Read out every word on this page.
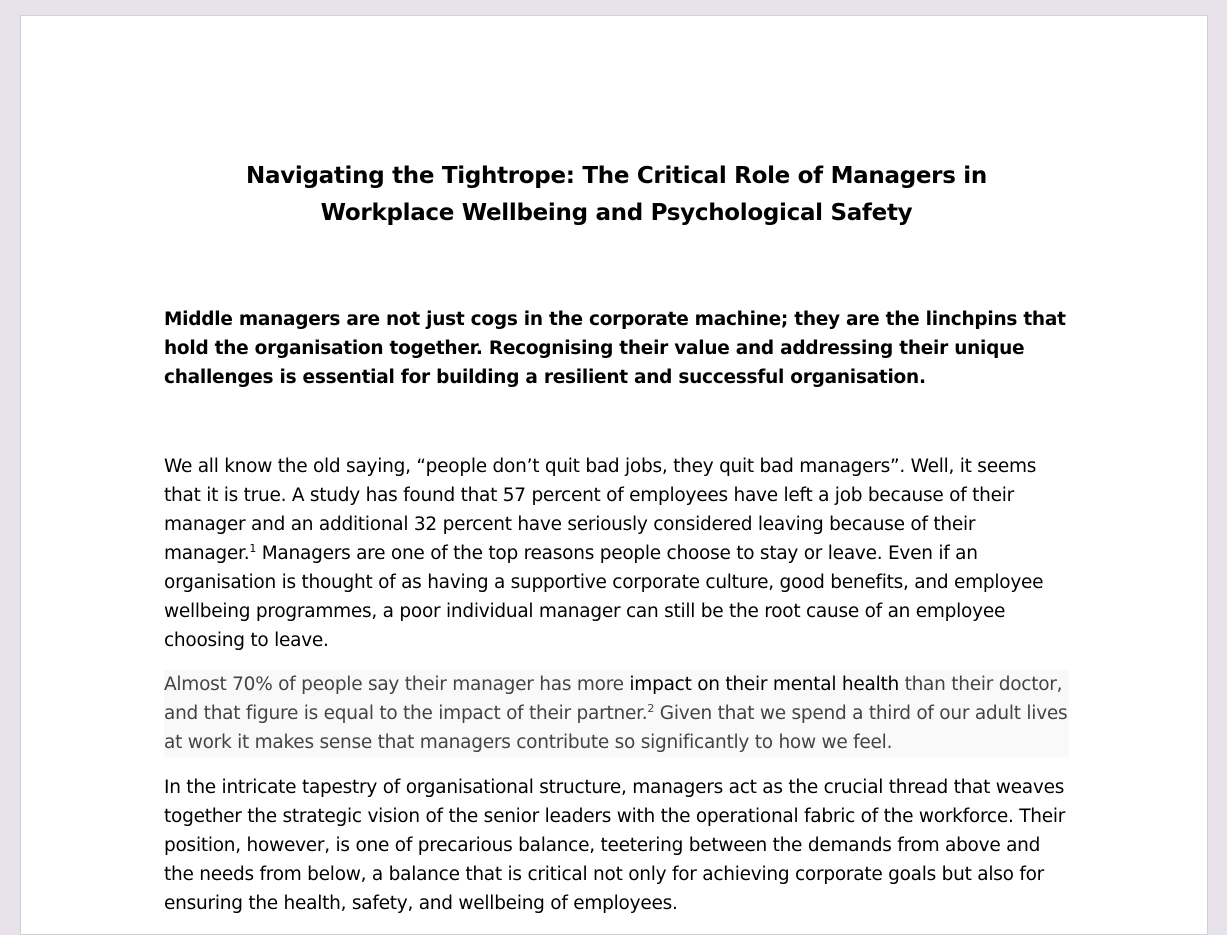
Navigating the Tightrope: The Critical Role of Managers in
Workplace Wellbeing and Psychological Safety

Middle managers are not just cogs in the corporate machine; they are the linchpins that hold the organisation together. Recognising their value and addressing their unique challenges is essential for building a resilient and successful organisation.

We all know the old saying, “people don’t quit bad jobs, they quit bad managers”. Well, it seems that it is true. A study has found that 57 percent of employees have left a job because of their manager and an additional 32 percent have seriously considered leaving because of their manager.$^1$ Managers are one of the top reasons people choose to stay or leave. Even if an organisation is thought of as having a supportive corporate culture, good benefits, and employee wellbeing programmes, a poor individual manager can still be the root cause of an employee choosing to leave.

Almost 70% of people say their manager has more impact on their mental health than their doctor, and that figure is equal to the impact of their partner.$^2$ Given that we spend a third of our adult lives at work it makes sense that managers contribute so significantly to how we feel.

In the intricate tapestry of organisational structure, managers act as the crucial thread that weaves together the strategic vision of the senior leaders with the operational fabric of the workforce. Their position, however, is one of precarious balance, teetering between the demands from above and the needs from below, a balance that is critical not only for achieving corporate goals but also for ensuring the health, safety, and wellbeing of employees.
